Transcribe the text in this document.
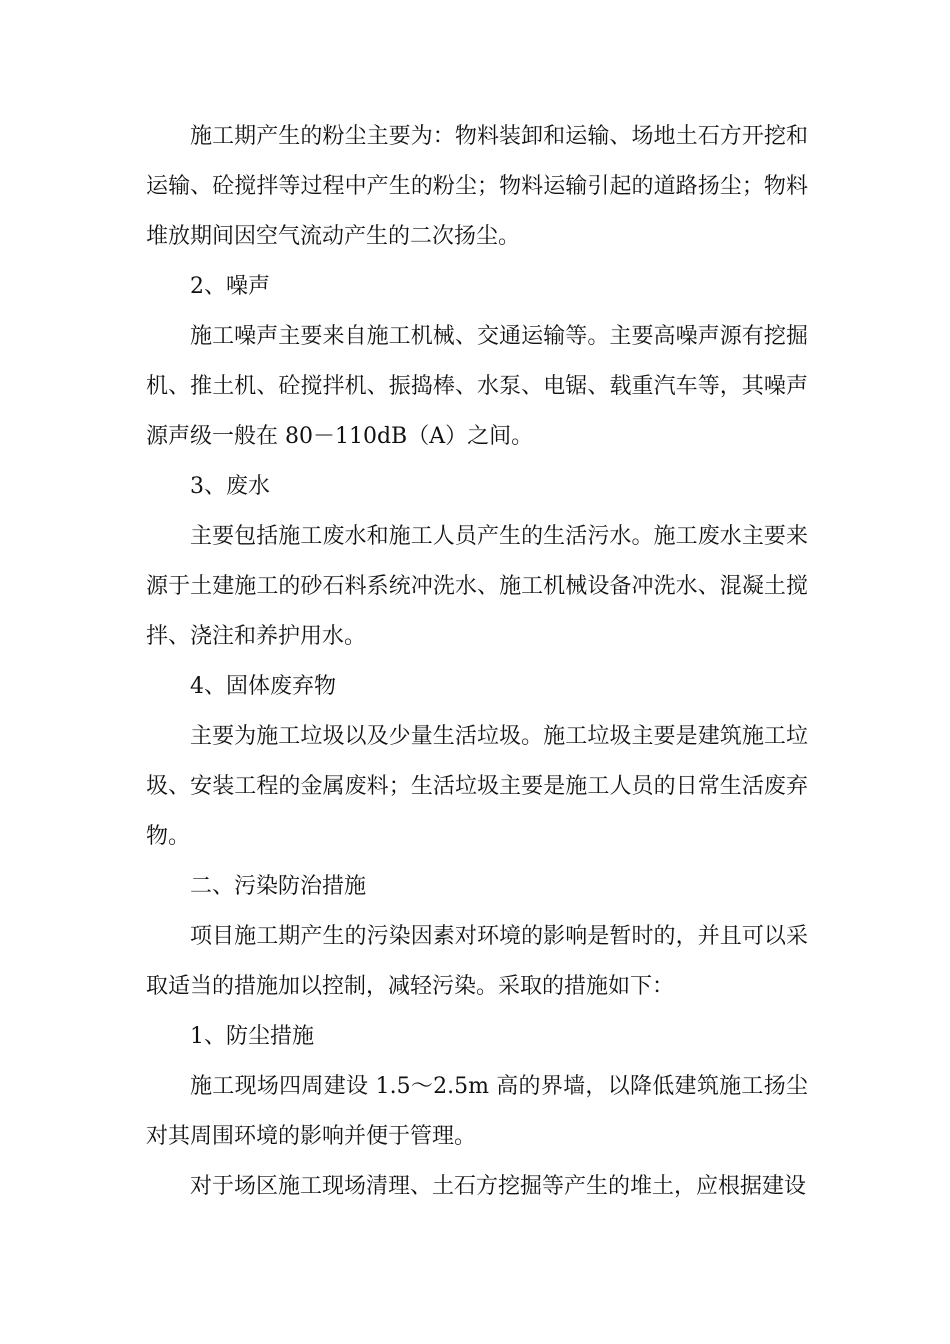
施工期产生的粉尘主要为：物料装卸和运输、场地土石方开挖和运输、砼搅拌等过程中产生的粉尘；物料运输引起的道路扬尘；物料堆放期间因空气流动产生的二次扬尘。

2、噪声

施工噪声主要来自施工机械、交通运输等。主要高噪声源有挖掘机、推土机、砼搅拌机、振捣棒、水泵、电锯、载重汽车等，其噪声源声级一般在 80－110dB（A）之间。

3、废水

主要包括施工废水和施工人员产生的生活污水。施工废水主要来源于土建施工的砂石料系统冲洗水、施工机械设备冲洗水、混凝土搅拌、浇注和养护用水。

4、固体废弃物

主要为施工垃圾以及少量生活垃圾。施工垃圾主要是建筑施工垃圾、安装工程的金属废料；生活垃圾主要是施工人员的日常生活废弃物。

二、污染防治措施

项目施工期产生的污染因素对环境的影响是暂时的，并且可以采取适当的措施加以控制，减轻污染。采取的措施如下：

1、防尘措施

施工现场四周建设 1.5～2.5m 高的界墙，以降低建筑施工扬尘对其周围环境的影响并便于管理。

对于场区施工现场清理、土石方挖掘等产生的堆土，应根据建设
